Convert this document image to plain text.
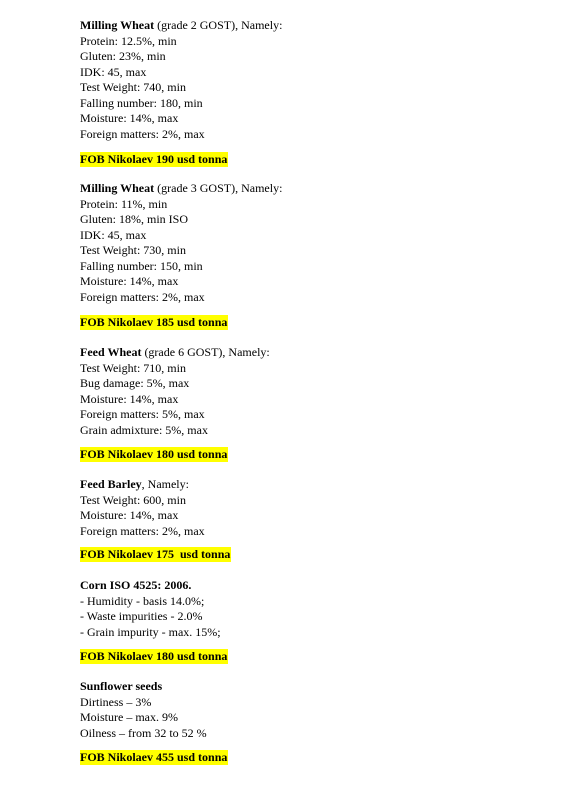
Milling Wheat (grade 2 GOST), Namely:
Protein: 12.5%, min
Gluten: 23%, min
IDK: 45, max
Test Weight: 740, min
Falling number: 180, min
Moisture: 14%, max
Foreign matters: 2%, max
FOB Nikolaev 190 usd tonna
Milling Wheat (grade 3 GOST), Namely:
Protein: 11%, min
Gluten: 18%, min ISO
IDK: 45, max
Test Weight: 730, min
Falling number: 150, min
Moisture: 14%, max
Foreign matters: 2%, max
FOB Nikolaev 185 usd tonna
Feed Wheat (grade 6 GOST), Namely:
Test Weight: 710, min
Bug damage: 5%, max
Moisture: 14%, max
Foreign matters: 5%, max
Grain admixture: 5%, max
FOB Nikolaev 180 usd tonna
Feed Barley, Namely:
Test Weight: 600, min
Moisture: 14%, max
Foreign matters: 2%, max
FOB Nikolaev 175  usd tonna
Corn ISO 4525: 2006.
- Humidity - basis 14.0%;
- Waste impurities - 2.0%
- Grain impurity - max. 15%;
FOB Nikolaev 180 usd tonna
Sunflower seeds
Dirtiness – 3%
Moisture – max. 9%
Oilness – from 32 to 52 %
FOB Nikolaev 455 usd tonna
